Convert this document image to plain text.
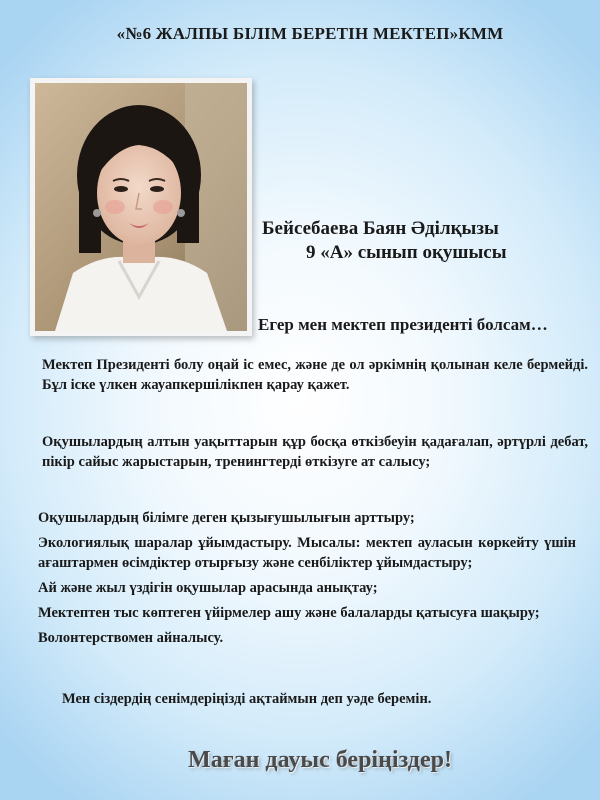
«№6 ЖАЛПЫ БІЛІМ БЕРЕТІН МЕКТЕП»КММ
Бейсебаева Баян Әділқызы
9 «А» сынып оқушысы
Егер мен мектеп президенті болсам…
Мектеп Президенті болу оңай іс емес, және де ол әркімнің қолынан келе бермейді. Бұл іске үлкен жауапкершілікпен қарау қажет.
Оқушылардың алтын уақыттарын құр босқа өткізбеуін қадағалап, әртүрлі дебат, пікір сайыс жарыстарын, тренингтерді өткізуге ат салысу;
Оқушылардың білімге деген қызығушылығын арттыру;
Экологиялық шаралар ұйымдастыру. Мысалы: мектеп ауласын көркейту үшін ағаштармен өсімдіктер отырғызу және сенбіліктер ұйымдастыру;
Ай және жыл үздігін оқушылар арасында анықтау;
Мектептен тыс көптеген үйірмелер ашу және балаларды қатысуға шақыру;
Волонтерствомен айналысу.
Мен сіздердің сенімдеріңізді ақтаймын деп уәде беремін.
Маған дауыс беріңіздер!
